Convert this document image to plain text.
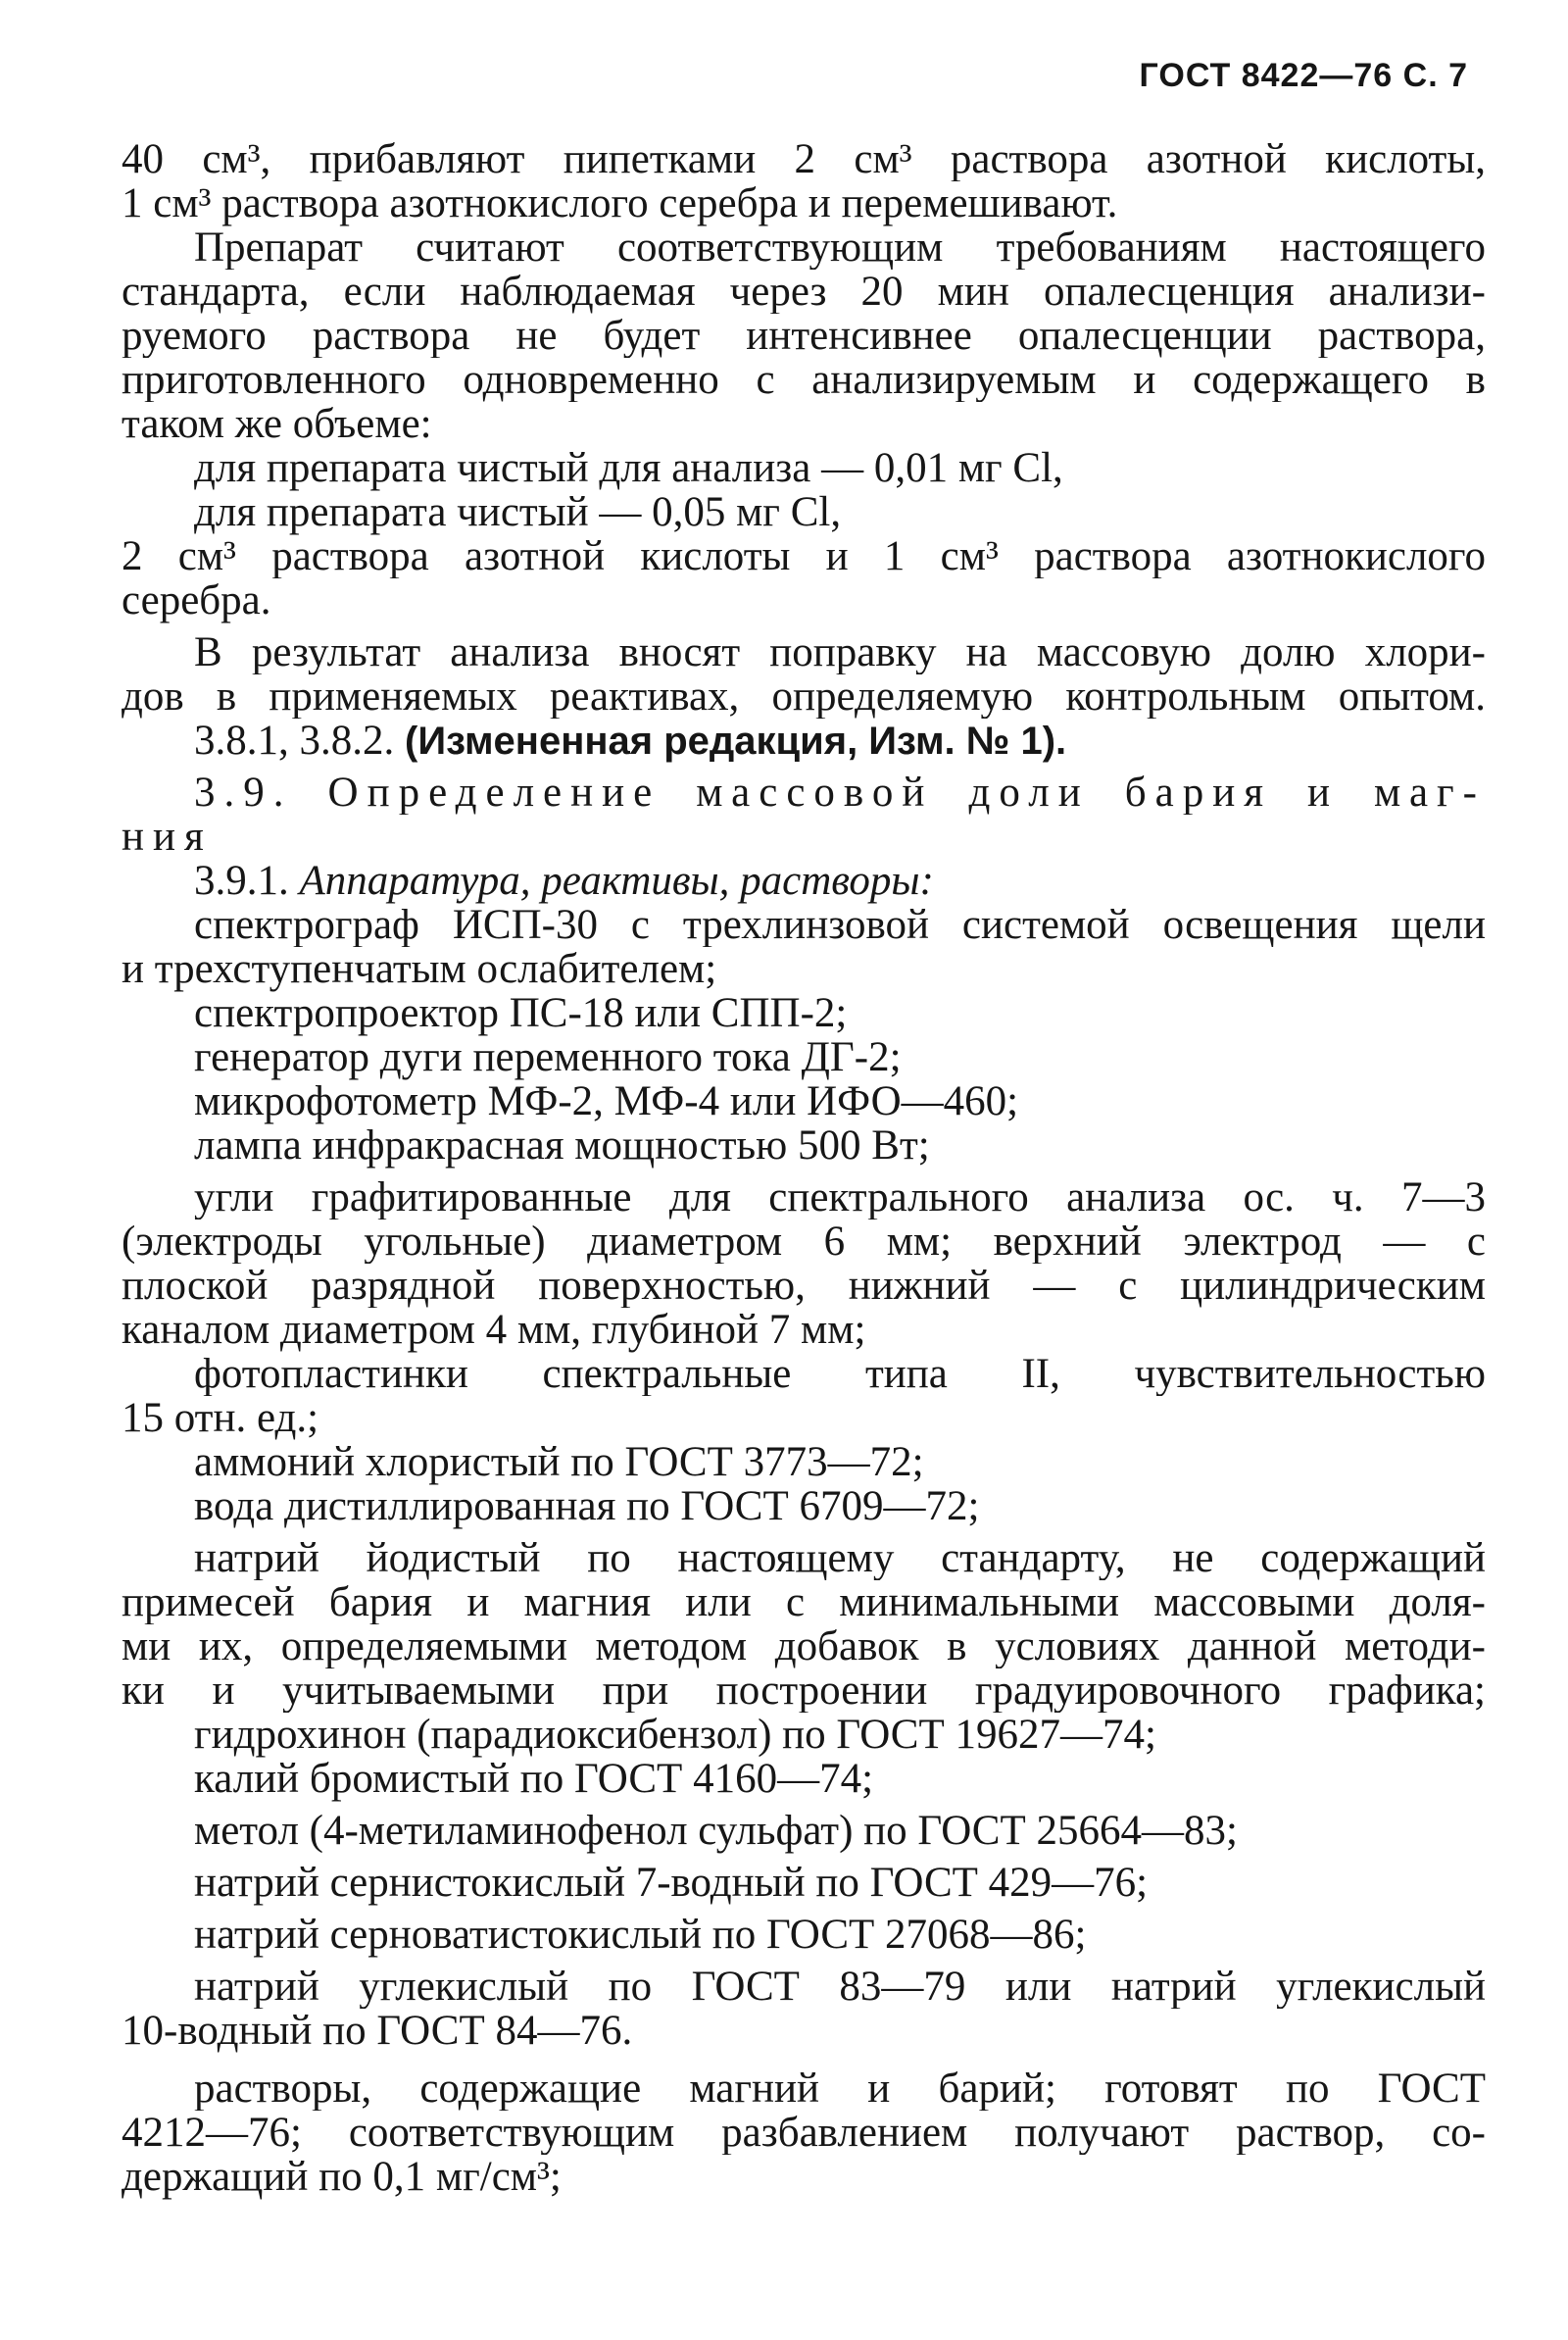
ГОСТ 8422—76 С. 7
40 см³, прибавляют пипетками 2 см³ раствора азотной кислоты,
1 см³ раствора азотнокислого серебра и перемешивают.
Препарат считают соответствующим требованиям настоящего
стандарта, если наблюдаемая через 20 мин опалесценция анализи-
руемого раствора не будет интенсивнее опалесценции раствора,
приготовленного одновременно с анализируемым и содержащего в
таком же объеме:
для препарата чистый для анализа — 0,01 мг Cl,
для препарата чистый — 0,05 мг Cl,
2 см³ раствора азотной кислоты и 1 см³ раствора азотнокислого
серебра.
В результат анализа вносят поправку на массовую долю хлори-
дов в применяемых реактивах, определяемую контрольным опытом.
3.8.1, 3.8.2. (Измененная редакция, Изм. № 1).
3.9. Определение массовой доли бария и маг-
ния
3.9.1. Аппаратура, реактивы, растворы:
спектрограф ИСП-30 с трехлинзовой системой освещения щели
и трехступенчатым ослабителем;
спектропроектор ПС-18 или СПП-2;
генератор дуги переменного тока ДГ-2;
микрофотометр МФ-2, МФ-4 или ИФО—460;
лампа инфракрасная мощностью 500 Вт;
угли графитированные для спектрального анализа ос. ч. 7—3
(электроды угольные) диаметром 6 мм; верхний электрод — с
плоской разрядной поверхностью, нижний — с цилиндрическим
каналом диаметром 4 мм, глубиной 7 мм;
фотопластинки спектральные типа II, чувствительностью
15 отн. ед.;
аммоний хлористый по ГОСТ 3773—72;
вода дистиллированная по ГОСТ 6709—72;
натрий йодистый по настоящему стандарту, не содержащий
примесей бария и магния или с минимальными массовыми доля-
ми их, определяемыми методом добавок в условиях данной методи-
ки и учитываемыми при построении градуировочного графика;
гидрохинон (парадиоксибензол) по ГОСТ 19627—74;
калий бромистый по ГОСТ 4160—74;
метол (4-метиламинофенол сульфат) по ГОСТ 25664—83;
натрий сернистокислый 7-водный по ГОСТ 429—76;
натрий серноватистокислый по ГОСТ 27068—86;
натрий углекислый по ГОСТ 83—79 или натрий углекислый
10-водный по ГОСТ 84—76.
растворы, содержащие магний и барий; готовят по ГОСТ
4212—76; соответствующим разбавлением получают раствор, со-
держащий по 0,1 мг/см³;
